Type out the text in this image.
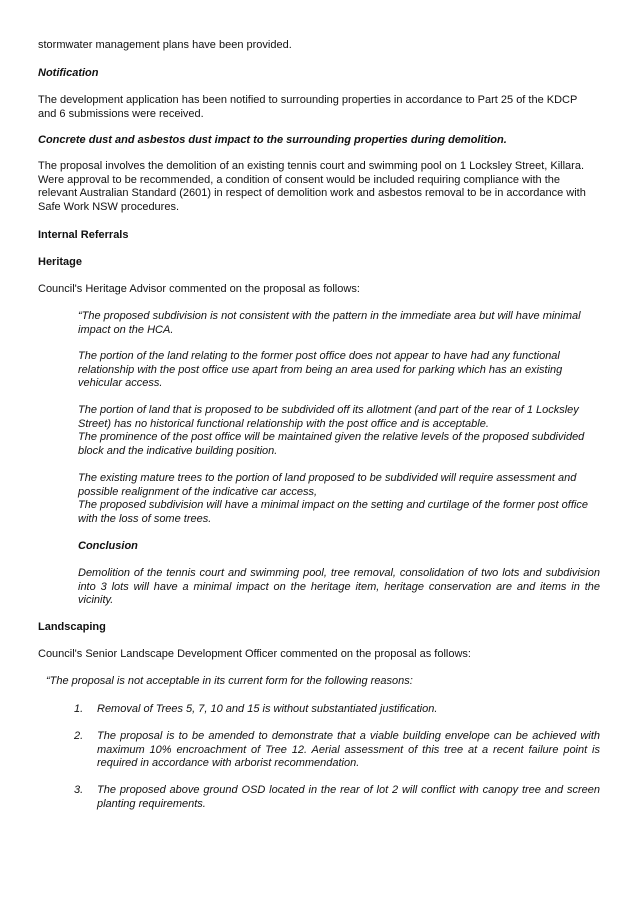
stormwater management plans have been provided.

Notification

The development application has been notified to surrounding properties in accordance to Part 25 of the KDCP and 6 submissions were received.

Concrete dust and asbestos dust impact to the surrounding properties during demolition.

The proposal involves the demolition of an existing tennis court and swimming pool on 1 Locksley Street, Killara. Were approval to be recommended, a condition of consent would be included requiring compliance with the relevant Australian Standard (2601) in respect of demolition work and asbestos removal to be in accordance with Safe Work NSW procedures.

Internal Referrals

Heritage

Council's Heritage Advisor commented on the proposal as follows:

“The proposed subdivision is not consistent with the pattern in the immediate area but will have minimal impact on the HCA.

The portion of the land relating to the former post office does not appear to have had any functional relationship with the post office use apart from being an area used for parking which has an existing vehicular access.

The portion of land that is proposed to be subdivided off its allotment (and part of the rear of 1 Locksley Street) has no historical functional relationship with the post office and is acceptable.

The prominence of the post office will be maintained given the relative levels of the proposed subdivided block and the indicative building position.

The existing mature trees to the portion of land proposed to be subdivided will require assessment and possible realignment of the indicative car access,

The proposed subdivision will have a minimal impact on the setting and curtilage of the former post office with the loss of some trees.

Conclusion

Demolition of the tennis court and swimming pool, tree removal, consolidation of two lots and subdivision into 3 lots will have a minimal impact on the heritage item, heritage conservation are and items in the vicinity.

Landscaping

Council's Senior Landscape Development Officer commented on the proposal as follows:

“The proposal is not acceptable in its current form for the following reasons:

1.	Removal of Trees 5, 7, 10 and 15 is without substantiated justification.
2.	The proposal is to be amended to demonstrate that a viable building envelope can be achieved with maximum 10% encroachment of Tree 12. Aerial assessment of this tree at a recent failure point is required in accordance with arborist recommendation.
3.	The proposed above ground OSD located in the rear of lot 2 will conflict with canopy tree and screen planting requirements.
